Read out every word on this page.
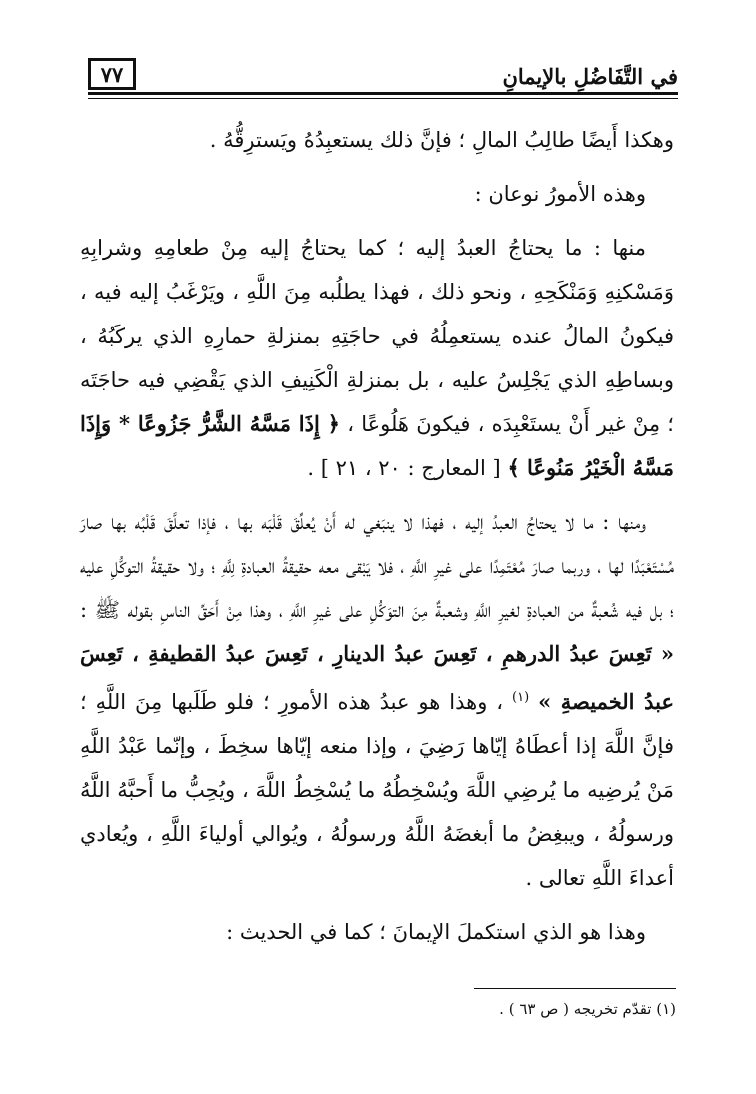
٧٧	في التَّفَاضُلِ بالإيمانِ

وهكذا أَيضًا طالِبُ المالِ ؛ فإنَّ ذلك يستعبِدُهُ ويَسترِقُّهُ .

وهذه الأمورُ نوعان :

منها : ما يحتاجُ العبدُ إليه ؛ كما يحتاجُ إليه مِنْ طعامِهِ وشرابِهِ وَمَسْكنِهِ وَمَنْكَحِهِ ، ونحو ذلك ، فهذا يطلُبه مِنَ اللَّهِ ، ويَرْغَبُ إليه فيه ، فيكونُ المالُ عنده يستعمِلُهُ في حاجَتِهِ بمنزلةِ حمارِهِ الذي يركَبُهُ ، وبساطِهِ الذي يَجْلِسُ عليه ، بل بمنزلةِ الْكَنِيفِ الذي يَقْضِي فيه حاجَتَه ؛ مِنْ غير أَنْ يستَعْبِدَه ، فيكونَ هَلُوعًا ، ﴿ إِذَا مَسَّهُ الشَّرُّ جَزُوعًا * وَإِذَا مَسَّهُ الْخَيْرُ مَنُوعًا ﴾ [ المعارج : ٢٠ ، ٢١ ] .

ومنها : ما لا يحتاجُ العبدُ إليه ، فهذا لا ينبَغي له أَنْ يُعلِّقَ قَلْبَه بها ، فإذا تعلَّقَ قَلْبُه بها صارَ مُسْتَعْبَدًا لها ، وربما صارَ مُعْتَمِدًا على غيرِ اللَّهِ ، فلا يَبْقى معه حقيقةُ العبادةِ لِلَّهِ ؛ ولا حقيقةُ التوكُّلِ عليه ؛ بل فيه شُعبةٌ من العبادةِ لغيرِ اللَّهِ وشعبةٌ مِنَ التوَكُّلِ على غيرِ اللَّهِ ، وهذا مِنْ أَحَقِّ الناسِ بقوله ﷺ : « تَعِسَ عبدُ الدرهمِ ، تَعِسَ عبدُ الدينارِ ، تَعِسَ عبدُ القطيفةِ ، تَعِسَ عبدُ الخميصةِ » $^{(١)}$ ، وهذا هو عبدُ هذه الأمورِ ؛ فلو طَلَبها مِنَ اللَّهِ ؛ فإنَّ اللَّهَ إذا أعطَاهُ إيّاها رَضِيَ ، وإذا منعه إيّاها سخِطَ ، وإنّما عَبْدُ اللَّهِ مَنْ يُرضِيه ما يُرضِي اللَّهَ ويُسْخِطُهُ ما يُسْخِطُ اللَّهَ ، ويُحِبُّ ما أَحبَّهُ اللَّهُ ورسولُهُ ، ويبغِضُ ما أبغضَهُ اللَّهُ ورسولُهُ ، ويُوالي أولياءَ اللَّهِ ، ويُعادي أعداءَ اللَّهِ تعالى .

وهذا هو الذي استكملَ الإيمانَ ؛ كما في الحديث :

(١) تقدّم تخريجه ( ص ٦٣ ) .
